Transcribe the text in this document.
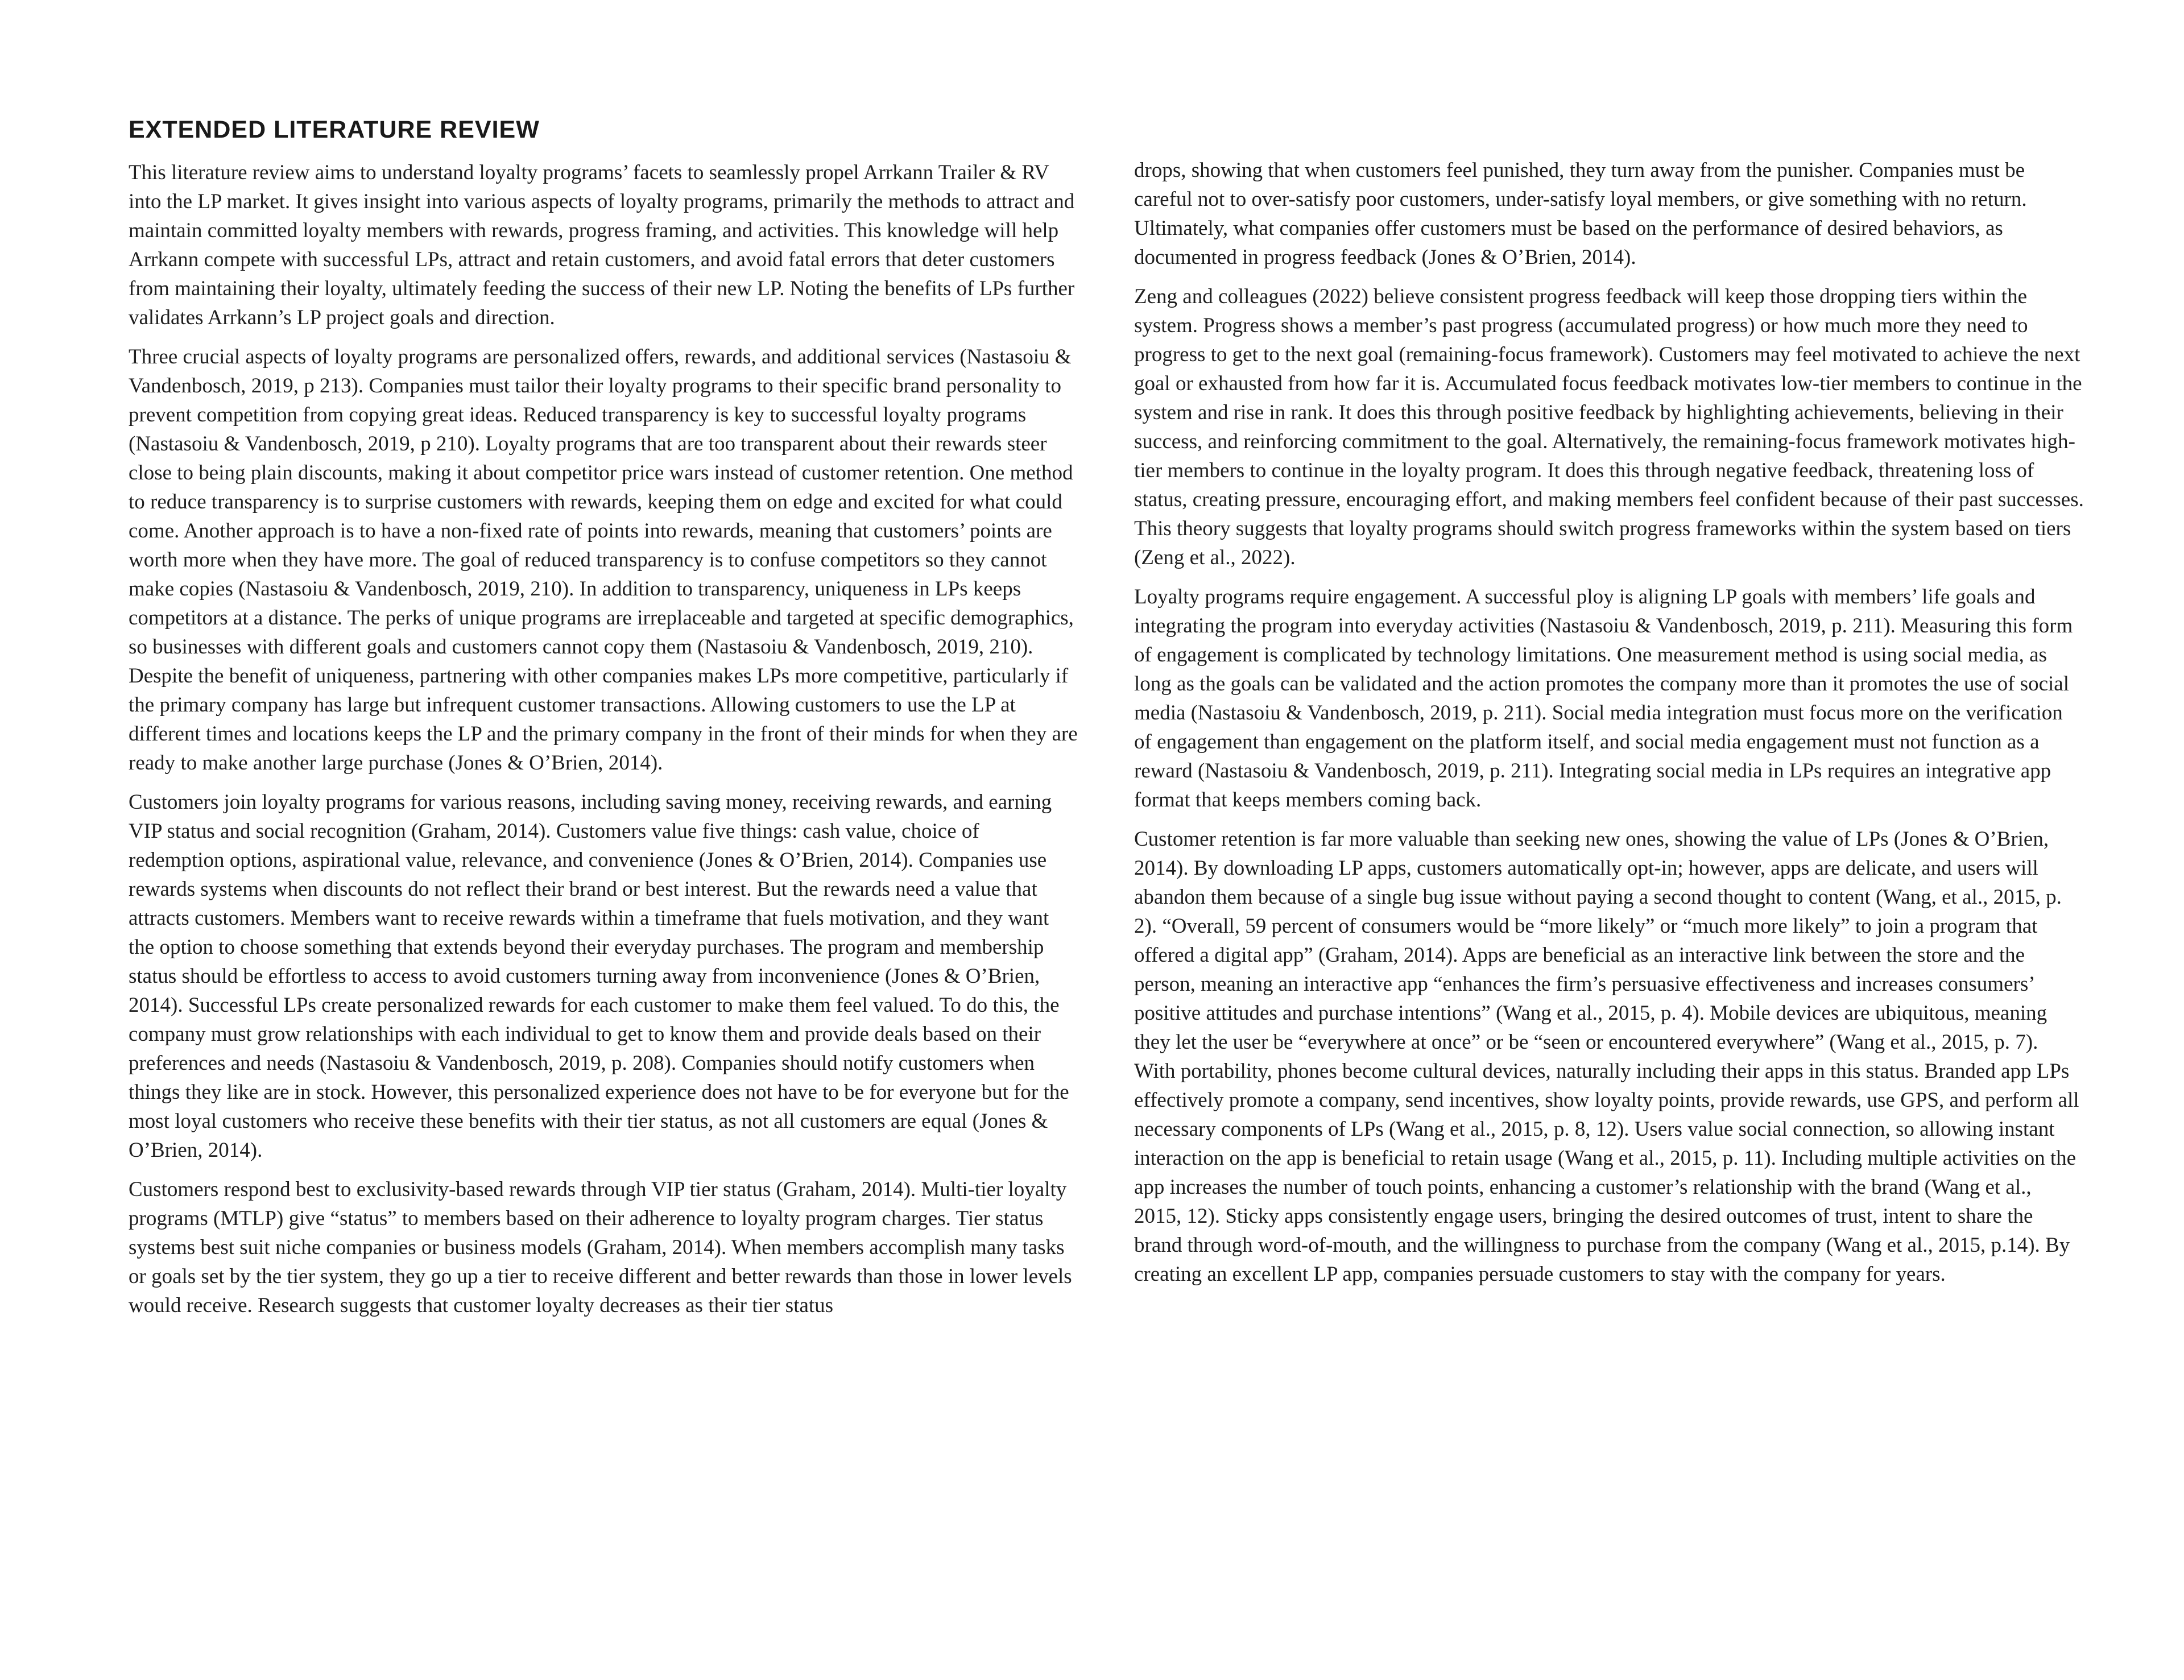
EXTENDED LITERATURE REVIEW

This literature review aims to understand loyalty programs’ facets to seamlessly propel Arrkann Trailer & RV into the LP market. It gives insight into various aspects of loyalty programs, primarily the methods to attract and maintain committed loyalty members with rewards, progress framing, and activities. This knowledge will help Arrkann compete with successful LPs, attract and retain customers, and avoid fatal errors that deter customers from maintaining their loyalty, ultimately feeding the success of their new LP. Noting the benefits of LPs further validates Arrkann’s LP project goals and direction.

Three crucial aspects of loyalty programs are personalized offers, rewards, and additional services (Nastasoiu & Vandenbosch, 2019, p 213). Companies must tailor their loyalty programs to their specific brand personality to prevent competition from copying great ideas. Reduced transparency is key to successful loyalty programs (Nastasoiu & Vandenbosch, 2019, p 210). Loyalty programs that are too transparent about their rewards steer close to being plain discounts, making it about competitor price wars instead of customer retention. One method to reduce transparency is to surprise customers with rewards, keeping them on edge and excited for what could come. Another approach is to have a non-fixed rate of points into rewards, meaning that customers’ points are worth more when they have more. The goal of reduced transparency is to confuse competitors so they cannot make copies (Nastasoiu & Vandenbosch, 2019, 210). In addition to transparency, uniqueness in LPs keeps competitors at a distance. The perks of unique programs are irreplaceable and targeted at specific demographics, so businesses with different goals and customers cannot copy them (Nastasoiu & Vandenbosch, 2019, 210). Despite the benefit of uniqueness, partnering with other companies makes LPs more competitive, particularly if the primary company has large but infrequent customer transactions. Allowing customers to use the LP at different times and locations keeps the LP and the primary company in the front of their minds for when they are ready to make another large purchase (Jones & O’Brien, 2014).

Customers join loyalty programs for various reasons, including saving money, receiving rewards, and earning VIP status and social recognition (Graham, 2014). Customers value five things: cash value, choice of redemption options, aspirational value, relevance, and convenience (Jones & O’Brien, 2014). Companies use rewards systems when discounts do not reflect their brand or best interest. But the rewards need a value that attracts customers. Members want to receive rewards within a timeframe that fuels motivation, and they want the option to choose something that extends beyond their everyday purchases. The program and membership status should be effortless to access to avoid customers turning away from inconvenience (Jones & O’Brien, 2014). Successful LPs create personalized rewards for each customer to make them feel valued. To do this, the company must grow relationships with each individual to get to know them and provide deals based on their preferences and needs (Nastasoiu & Vandenbosch, 2019, p. 208). Companies should notify customers when things they like are in stock. However, this personalized experience does not have to be for everyone but for the most loyal customers who receive these benefits with their tier status, as not all customers are equal (Jones & O’Brien, 2014).

Customers respond best to exclusivity-based rewards through VIP tier status (Graham, 2014). Multi-tier loyalty programs (MTLP) give “status” to members based on their adherence to loyalty program charges. Tier status systems best suit niche companies or business models (Graham, 2014). When members accomplish many tasks or goals set by the tier system, they go up a tier to receive different and better rewards than those in lower levels would receive. Research suggests that customer loyalty decreases as their tier status

drops, showing that when customers feel punished, they turn away from the punisher. Companies must be careful not to over-satisfy poor customers, under-satisfy loyal members, or give something with no return. Ultimately, what companies offer customers must be based on the performance of desired behaviors, as documented in progress feedback (Jones & O’Brien, 2014).

Zeng and colleagues (2022) believe consistent progress feedback will keep those dropping tiers within the system. Progress shows a member’s past progress (accumulated progress) or how much more they need to progress to get to the next goal (remaining-focus framework). Customers may feel motivated to achieve the next goal or exhausted from how far it is. Accumulated focus feedback motivates low-tier members to continue in the system and rise in rank. It does this through positive feedback by highlighting achievements, believing in their success, and reinforcing commitment to the goal. Alternatively, the remaining-focus framework motivates high-tier members to continue in the loyalty program. It does this through negative feedback, threatening loss of status, creating pressure, encouraging effort, and making members feel confident because of their past successes. This theory suggests that loyalty programs should switch progress frameworks within the system based on tiers (Zeng et al., 2022).

Loyalty programs require engagement. A successful ploy is aligning LP goals with members’ life goals and integrating the program into everyday activities (Nastasoiu & Vandenbosch, 2019, p. 211). Measuring this form of engagement is complicated by technology limitations. One measurement method is using social media, as long as the goals can be validated and the action promotes the company more than it promotes the use of social media (Nastasoiu & Vandenbosch, 2019, p. 211). Social media integration must focus more on the verification of engagement than engagement on the platform itself, and social media engagement must not function as a reward (Nastasoiu & Vandenbosch, 2019, p. 211). Integrating social media in LPs requires an integrative app format that keeps members coming back.

Customer retention is far more valuable than seeking new ones, showing the value of LPs (Jones & O’Brien, 2014). By downloading LP apps, customers automatically opt-in; however, apps are delicate, and users will abandon them because of a single bug issue without paying a second thought to content (Wang, et al., 2015, p. 2). “Overall, 59 percent of consumers would be “more likely” or “much more likely” to join a program that offered a digital app” (Graham, 2014). Apps are beneficial as an interactive link between the store and the person, meaning an interactive app “enhances the firm’s persuasive effectiveness and increases consumers’ positive attitudes and purchase intentions” (Wang et al., 2015, p. 4). Mobile devices are ubiquitous, meaning they let the user be “everywhere at once” or be “seen or encountered everywhere” (Wang et al., 2015, p. 7). With portability, phones become cultural devices, naturally including their apps in this status. Branded app LPs effectively promote a company, send incentives, show loyalty points, provide rewards, use GPS, and perform all necessary components of LPs (Wang et al., 2015, p. 8, 12). Users value social connection, so allowing instant interaction on the app is beneficial to retain usage (Wang et al., 2015, p. 11). Including multiple activities on the app increases the number of touch points, enhancing a customer’s relationship with the brand (Wang et al., 2015, 12). Sticky apps consistently engage users, bringing the desired outcomes of trust, intent to share the brand through word-of-mouth, and the willingness to purchase from the company (Wang et al., 2015, p.14). By creating an excellent LP app, companies persuade customers to stay with the company for years.
